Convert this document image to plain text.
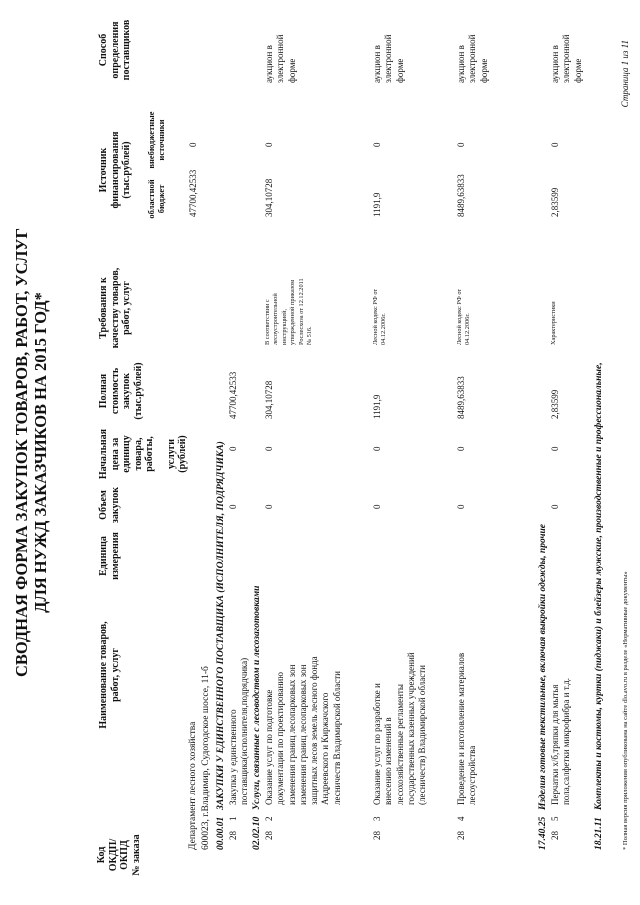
СВОДНАЯ ФОРМА ЗАКУПОК ТОВАРОВ, РАБОТ, УСЛУГ ДЛЯ НУЖД ЗАКАЗЧИКОВ НА 2015 ГОД*
Код ОКДП/ ОКПД № заказа
Наименование товаров, работ, услуг
Единица измерения
Объем закупок
Начальная цена за единицу товара, работы, услуги (рублей)
Полная стоимость закупок (тыс.рублей)
Требования к качеству товаров, работ, услуг
Источник финансирования (тыс.рублей)
областной бюджет
внебюджетные источники
Способ определения поставщиков
Департамент лесного хозяйства 600023, г.Владимир, Судогодское шоссе, 11-б 00.00.01ЗАКУПКИ У ЕДИНСТВЕННОГО ПОСТАВЩИКА (ИСПОЛНИТЕЛЯ, ПОДРЯДЧИКА)
02.02.10Услуги, связанные с лесоводством и лесозаготовками
17.40.25Изделия готовые текстильные, включая выкройки одежды, прочие
18.21.11Комплекты и костюмы, куртки (пиджаки) и блейзеры мужские, производственные и профессиональные,
28
1
Закупка у единственного поставщика(исполнителя,подрядчика)
0
0
47700,42533
47700,42533
0
28
2
Оказание услуг по подготовке документации по проектированию изменения границ лесопарковых зон изменения границ лесопарковых зон защитных лесов земель лесного фонда Андреевского и Киржачского лесничеств Владимирской области
0
0
304,10728
В соответствии с лесоустроительной инструкцией, утвержденной приказом Рослесхоза от 12.12.2011 № 516.
304,10728
0
аукцион в электронной форме
28
3
Оказание услуг по разработке и внесению изменений в лесохозяйственные регламенты государственных казенных учреждений (лесничеств) Владимирской области
0
0
1191,9
Лесной кодекс РФ от 04.12.2006г.
1191,9
0
аукцион в электронной форме
28
4
Проведение и изготовление материалов лесоустройства
0
0
8489,63833
Лесной кодекс РФ от 04.12.2006г.
8489,63833
0
аукцион в электронной форме
28
5
Перчатки х/б,тряпки для мытья пола,салфетки микрофибра и т.д.
0
0
2,83599
Характеристики
2,83599
0
аукцион в электронной форме
* Полная версия приложения опубликована на сайте dlo.avo.ru в разделе «Нормативные документы»
Страница 1 из 11
